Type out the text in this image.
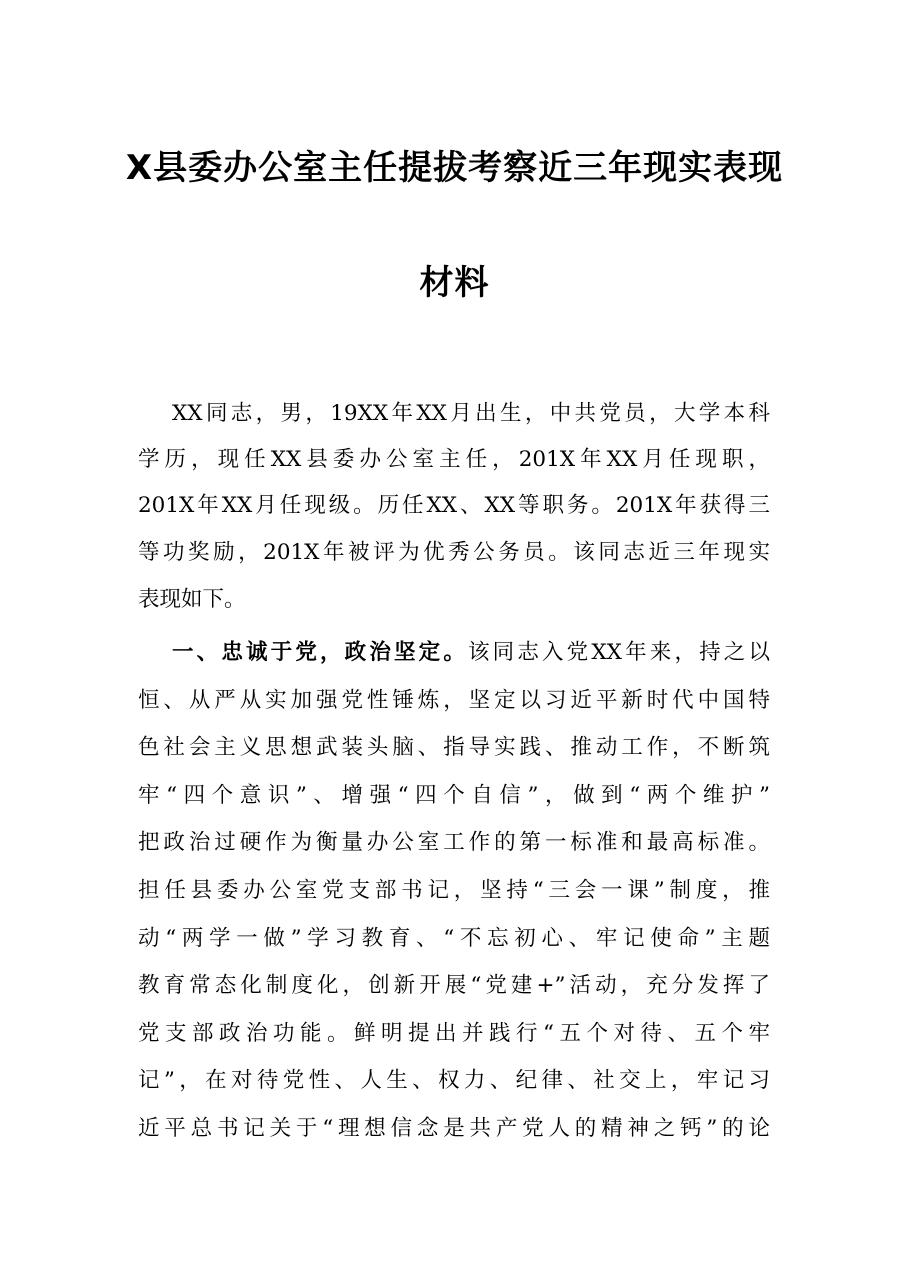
X县委办公室主任提拔考察近三年现实表现
材料
XX同志，男，19XX年XX月出生，中共党员，大学本科
学历，现任XX县委办公室主任，201X年XX月任现职，
201X年XX月任现级。历任XX、XX等职务。201X年获得三
等功奖励，201X年被评为优秀公务员。该同志近三年现实
表现如下。
一、忠诚于党，政治坚定。该同志入党XX年来，持之以
恒、从严从实加强党性锤炼，坚定以习近平新时代中国特
色社会主义思想武装头脑、指导实践、推动工作，不断筑
牢“四个意识”、增强“四个自信”，做到“两个维护”
把政治过硬作为衡量办公室工作的第一标准和最高标准。
担任县委办公室党支部书记，坚持“三会一课”制度，推
动“两学一做”学习教育、“不忘初心、牢记使命”主题
教育常态化制度化，创新开展“党建+”活动，充分发挥了
党支部政治功能。鲜明提出并践行“五个对待、五个牢
记”，在对待党性、人生、权力、纪律、社交上，牢记习
近平总书记关于“理想信念是共产党人的精神之钙”的论
